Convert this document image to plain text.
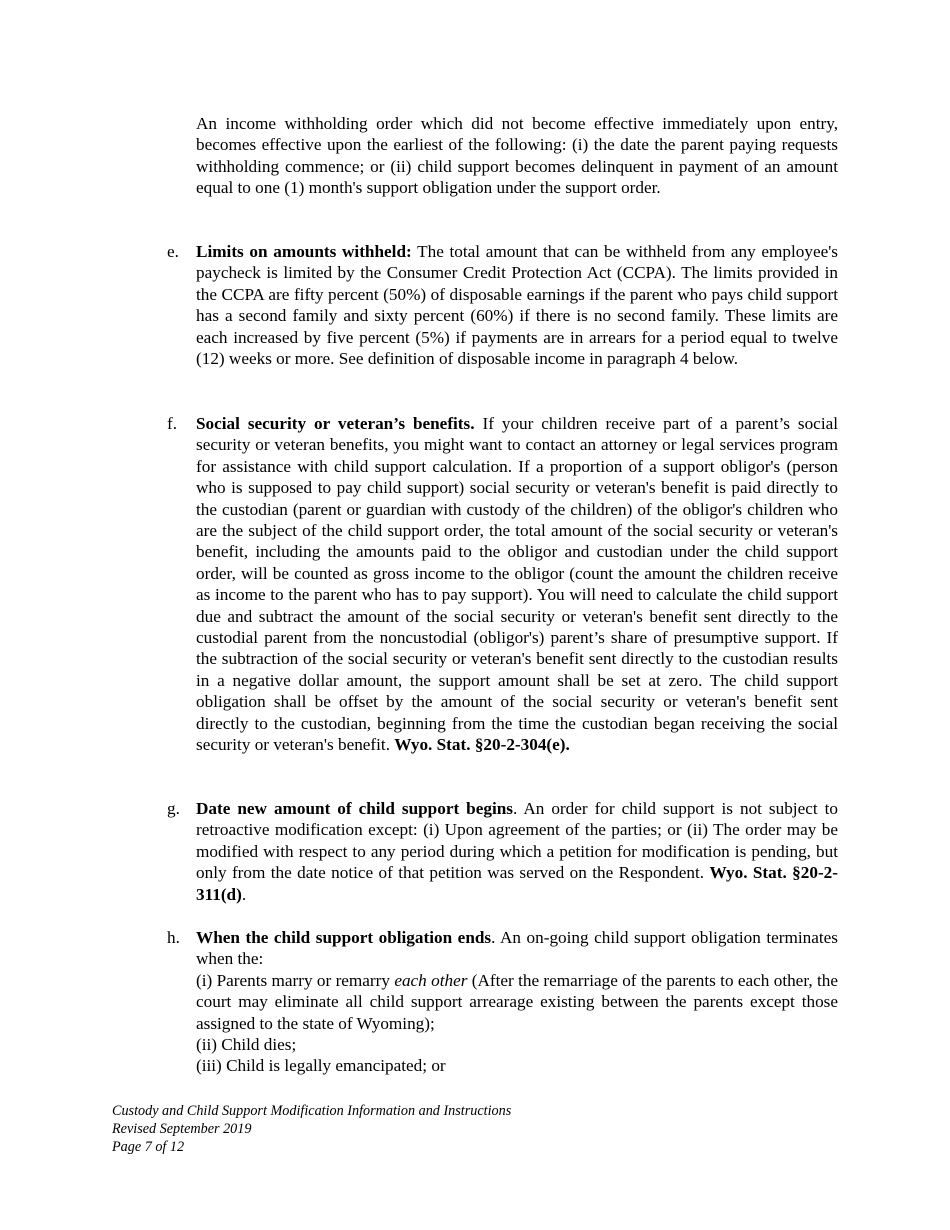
An income withholding order which did not become effective immediately upon entry, becomes effective upon the earliest of the following: (i) the date the parent paying requests withholding commence; or (ii) child support becomes delinquent in payment of an amount equal to one (1) month's support obligation under the support order.
e. Limits on amounts withheld: The total amount that can be withheld from any employee's paycheck is limited by the Consumer Credit Protection Act (CCPA). The limits provided in the CCPA are fifty percent (50%) of disposable earnings if the parent who pays child support has a second family and sixty percent (60%) if there is no second family. These limits are each increased by five percent (5%) if payments are in arrears for a period equal to twelve (12) weeks or more. See definition of disposable income in paragraph 4 below.
f. Social security or veteran’s benefits. If your children receive part of a parent’s social security or veteran benefits, you might want to contact an attorney or legal services program for assistance with child support calculation. If a proportion of a support obligor's (person who is supposed to pay child support) social security or veteran's benefit is paid directly to the custodian (parent or guardian with custody of the children) of the obligor's children who are the subject of the child support order, the total amount of the social security or veteran's benefit, including the amounts paid to the obligor and custodian under the child support order, will be counted as gross income to the obligor (count the amount the children receive as income to the parent who has to pay support). You will need to calculate the child support due and subtract the amount of the social security or veteran's benefit sent directly to the custodial parent from the noncustodial (obligor's) parent’s share of presumptive support. If the subtraction of the social security or veteran's benefit sent directly to the custodian results in a negative dollar amount, the support amount shall be set at zero. The child support obligation shall be offset by the amount of the social security or veteran's benefit sent directly to the custodian, beginning from the time the custodian began receiving the social security or veteran's benefit. Wyo. Stat. §20-2-304(e).
g. Date new amount of child support begins. An order for child support is not subject to retroactive modification except: (i) Upon agreement of the parties; or (ii) The order may be modified with respect to any period during which a petition for modification is pending, but only from the date notice of that petition was served on the Respondent. Wyo. Stat. §20-2-311(d).
h. When the child support obligation ends. An on-going child support obligation terminates when the:
(i) Parents marry or remarry each other (After the remarriage of the parents to each other, the court may eliminate all child support arrearage existing between the parents except those assigned to the state of Wyoming);
(ii) Child dies;
(iii) Child is legally emancipated; or
Custody and Child Support Modification Information and Instructions
Revised September 2019
Page 7 of 12
